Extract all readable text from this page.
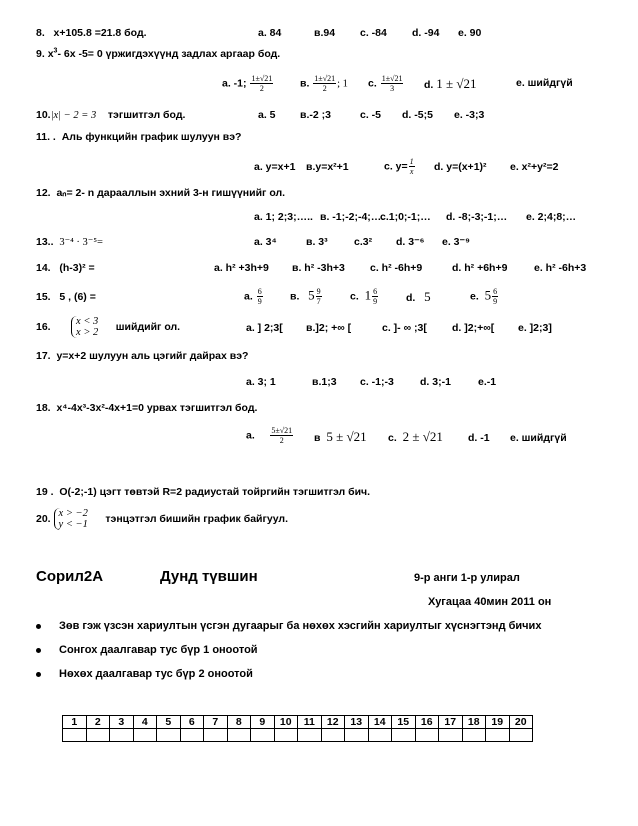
8. x+105.8 =21.8 бод.	а. 84	в.94 с. -84 d. -94 е. 90
9. $x^3-$ 6x -5= 0 үржигдэхүүнд задлах аргаар бод.
а. -1; $\frac{1\pm√21}{2}$	в. $\frac{1\pm√21}{2}$ ; 1 с. $\frac{1\pm√21}{3} d$. 1 ± √21	е. шийдгүй
10.|x| − 2 = 3 тэгшитгэл бод.	а. 5 в.-2 ;3	с. -5 d. -5;5 е. -3;3
11. . Аль функцийн график шулуун вэ?
а. y=x+1 в.y=x²+1	с. $y= \frac{1}{x} d$. y=(x+1)² е. x²+y²=2
12. aₙ= 2- n дарааллын эхний 3-н гишүүнийг ол.
а. 1; 2;3;….. в. -1;-2;-4;….
с.1;0;-1;… d. -8;-3;-1;… е. 2;4;8;…
13.. 3⁻⁴ · 3⁻⁵=	а. 3⁴	в. 3³	с.3² d. 3⁻⁶ е. 3⁻⁹
14. (h-3)² =	а. h² +3h+9 в. h² -3h+3 с. h² -6h+9	d. h² +6h+9	е. h² -6h+3
15. 5 , (6) =	а. $\frac{6}{9}$	в. $5 \frac{9}{7}$	с. $1 \frac{6}{9}$	d. 5	е. $5 \frac{6}{9}$
16. x < 3
x > 2 шийдийг ол.	а. ] 2;3[ в.]2; +∞ [	с. ]- ∞ ;3[ d. ]2;+∞[ е. ]2;3]
17. y=x+2 шулуун аль цэгийг дайрах вэ?
а. 3; 1	в.1;3 с. -1;-3 d. 3;-1	е.-1
18. x⁴-4x³-3x²-4x+1=0 урвах тэгшитгэл бод.
а. $\frac{5\pm√21}{2}$ в 5 ± √21 с. 2 ± √21 d. -1 е. шийдгүй
19 . O(-2;-1) цэгт төвтэй R=2 радиустай тойргийн тэгшитгэл бич.
20. x > −2
y < −1 тэнцэтгэл бишийн график байгуул.
Сорил2А	Дунд түвшин	9-р анги 1-р улирал
Хугацаа 40мин 2011 он
Зөв гэж үзсэн хариултын үсгэн дугаарыг ба нөхөх хэсгийн хариултыг хүснэгтэнд бичих
Сонгох даалгавар тус бүр 1 оноотой
Нөхөх даалгавар тус бүр 2 оноотой
1	2	3	4	5	6	7	8	9	10	11	12	13	14	15	16	17	18	19	20
